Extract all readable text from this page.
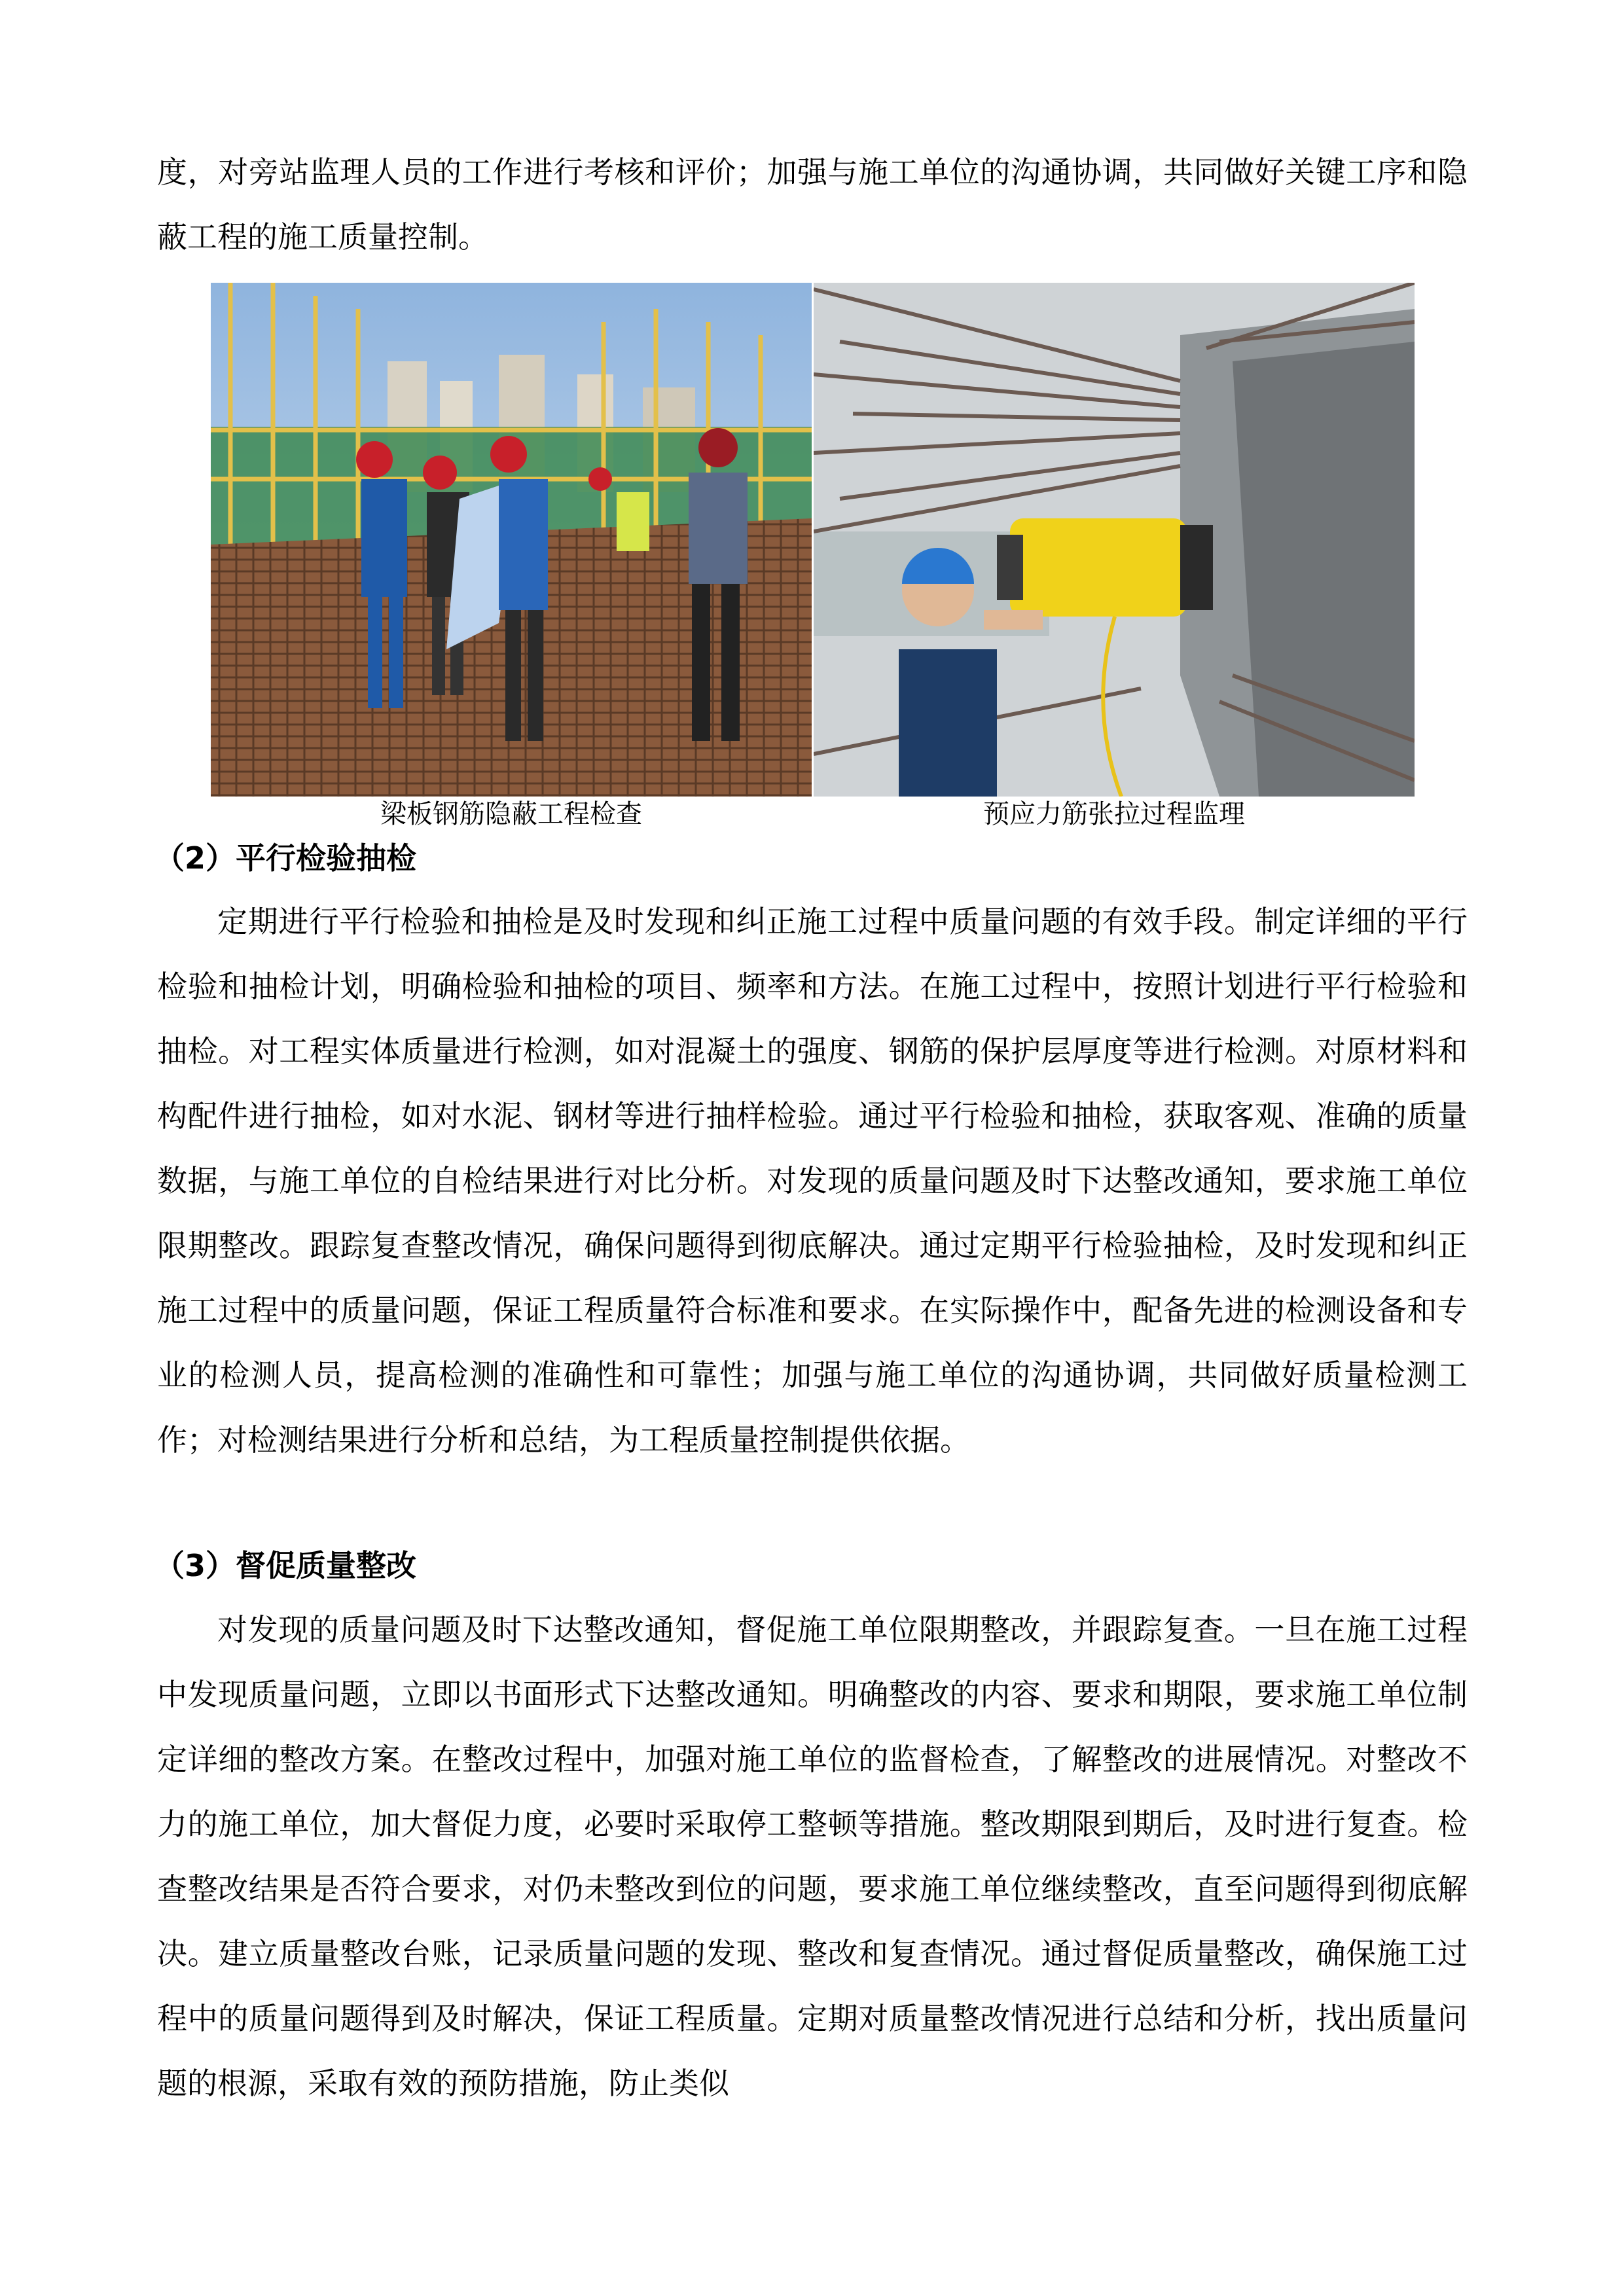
度，对旁站监理人员的工作进行考核和评价；加强与施工单位的沟通协调，共同做好关键工序和隐蔽工程的施工质量控制。

梁板钢筋隐蔽工程检查	预应力筋张拉过程监理
（2）平行检验抽检

定期进行平行检验和抽检是及时发现和纠正施工过程中质量问题的有效手段。制定详细的平行检验和抽检计划，明确检验和抽检的项目、频率和方法。在施工过程中，按照计划进行平行检验和抽检。对工程实体质量进行检测，如对混凝土的强度、钢筋的保护层厚度等进行检测。对原材料和构配件进行抽检，如对水泥、钢材等进行抽样检验。通过平行检验和抽检，获取客观、准确的质量数据，与施工单位的自检结果进行对比分析。对发现的质量问题及时下达整改通知，要求施工单位限期整改。跟踪复查整改情况，确保问题得到彻底解决。通过定期平行检验抽检，及时发现和纠正施工过程中的质量问题，保证工程质量符合标准和要求。在实际操作中，配备先进的检测设备和专业的检测人员，提高检测的准确性和可靠性；加强与施工单位的沟通协调，共同做好质量检测工作；对检测结果进行分析和总结，为工程质量控制提供依据。

（3）督促质量整改

对发现的质量问题及时下达整改通知，督促施工单位限期整改，并跟踪复查。一旦在施工过程中发现质量问题，立即以书面形式下达整改通知。明确整改的内容、要求和期限，要求施工单位制定详细的整改方案。在整改过程中，加强对施工单位的监督检查，了解整改的进展情况。对整改不力的施工单位，加大督促力度，必要时采取停工整顿等措施。整改期限到期后，及时进行复查。检查整改结果是否符合要求，对仍未整改到位的问题，要求施工单位继续整改，直至问题得到彻底解决。建立质量整改台账，记录质量问题的发现、整改和复查情况。通过督促质量整改，确保施工过程中的质量问题得到及时解决，保证工程质量。定期对质量整改情况进行总结和分析，找出质量问题的根源，采取有效的预防措施，防止类似
